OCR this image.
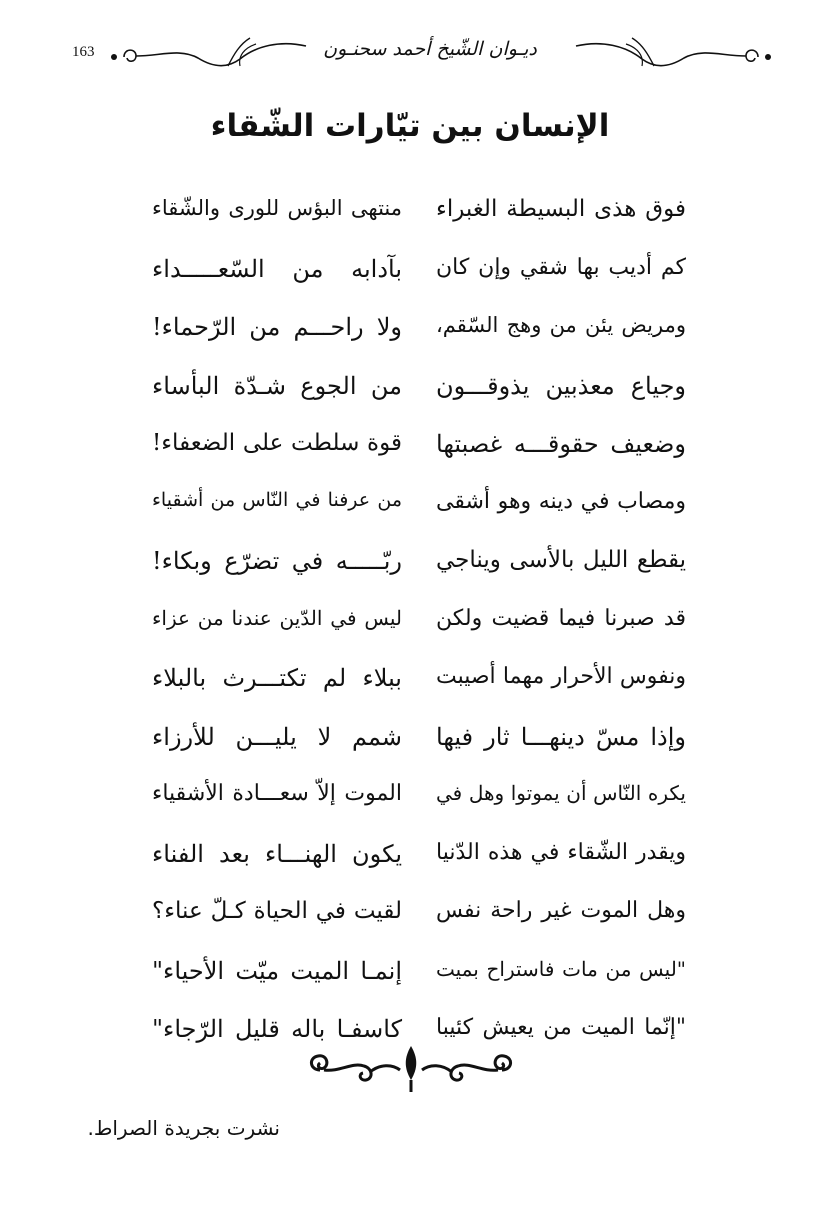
163	ديـوان الشّيخ أحمد سحنـون
الإنسان بين تيّارات الشّقاء
فوق هذى البسيطة الغبراء
منتهى البؤس للورى والشّقاء
كم أديب بها شقي وإن كان
بآدابه من السّعـــــداء
ومريض يئن من وهج السّقم،
ولا راحـــم من الرّحماء!
وجياع معذبين يذوقـــون
من الجوع شـدّة البأساء
وضعيف حقوقـــه غصبتها
قوة سلطت على الضعفاء!
ومصاب في دينه وهو أشقى
من عرفنا في النّاس من أشقياء
يقطع الليل بالأسى ويناجي
ربّـــــه في تضرّع وبكاء!
قد صبرنا فيما قضيت ولكن
ليس في الدّين عندنا من عزاء
ونفوس الأحرار مهما أصيبت
ببلاء لم تكتـــرث بالبلاء
وإذا مسّ دينهـــا ثار فيها
شمم لا يليـــن للأرزاء
يكره النّاس أن يموتوا وهل في
الموت إلاّ سعـــادة الأشقياء
ويقدر الشّقاء في هذه الدّنيا
يكون الهنـــاء بعد الفناء
وهل الموت غير راحة نفس
لقيت في الحياة كـلّ عناء؟
"ليس من مات فاستراح بميت
إنمـا الميت ميّت الأحياء"
"إنّما الميت من يعيش كئيبا
كاسفـا باله قليل الرّجاء"
نشرت بجريدة الصراط.
